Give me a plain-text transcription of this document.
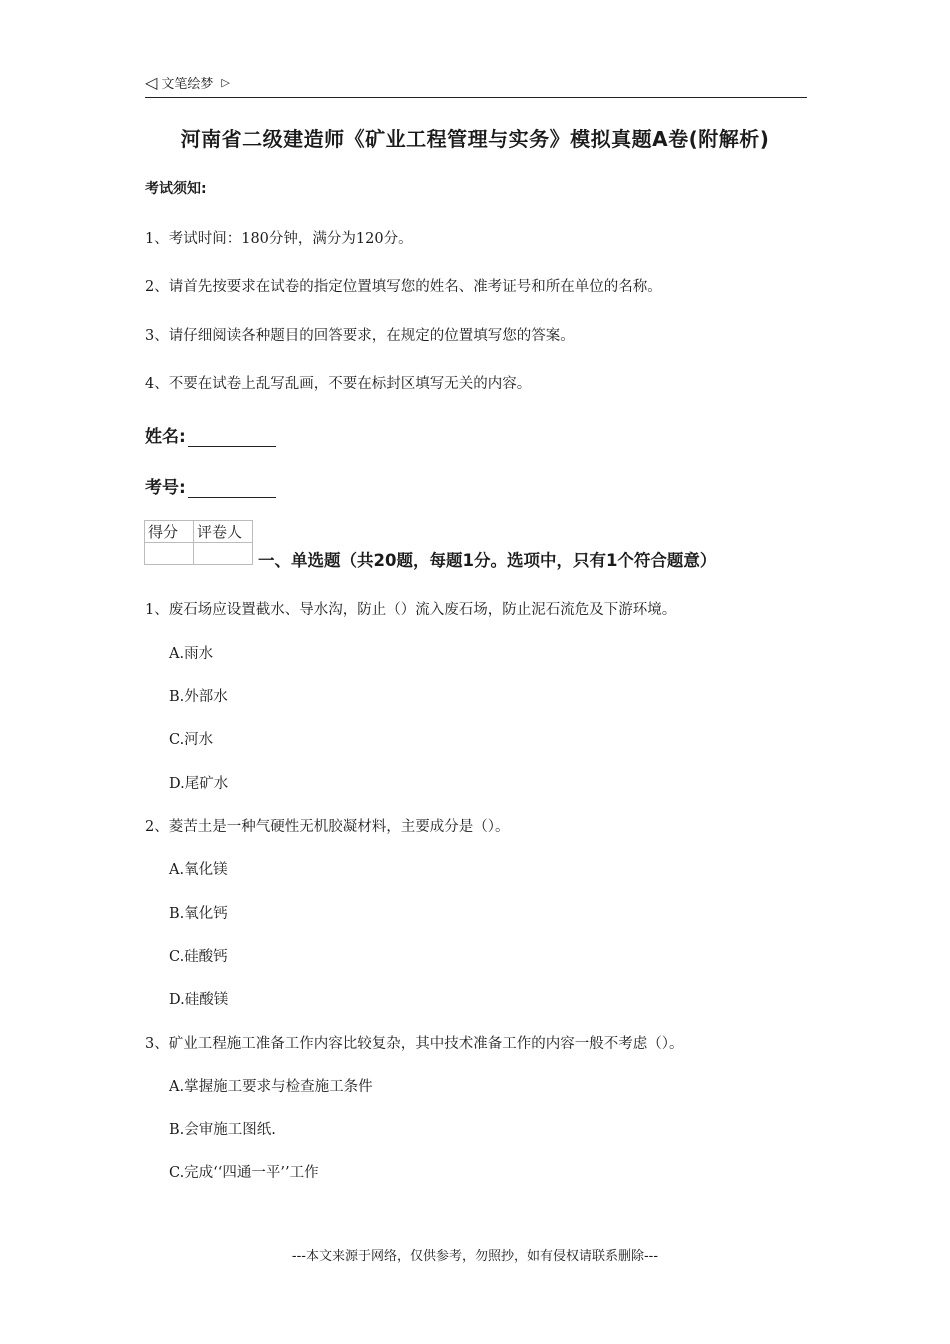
◁ 文笔绘梦 ▷
河南省二级建造师《矿业工程管理与实务》模拟真题A卷(附解析)
考试须知:
1、考试时间：180分钟，满分为120分。
2、请首先按要求在试卷的指定位置填写您的姓名、准考证号和所在单位的名称。
3、请仔细阅读各种题目的回答要求，在规定的位置填写您的答案。
4、不要在试卷上乱写乱画，不要在标封区填写无关的内容。
姓名:
考号:
得分	评卷人

一、单选题（共20题，每题1分。选项中，只有1个符合题意）
1、废石场应设置截水、导水沟，防止（）流入废石场，防止泥石流危及下游环境。
A.雨水
B.外部水
C.河水
D.尾矿水
2、菱苦土是一种气硬性无机胶凝材料，主要成分是（）。
A.氧化镁
B.氧化钙
C.硅酸钙
D.硅酸镁
3、矿业工程施工准备工作内容比较复杂，其中技术准备工作的内容一般不考虑（）。
A.掌握施工要求与检查施工条件
B.会审施工图纸.
C.完成‘‘四通一平’’工作
---本文来源于网络，仅供参考，勿照抄，如有侵权请联系删除---
